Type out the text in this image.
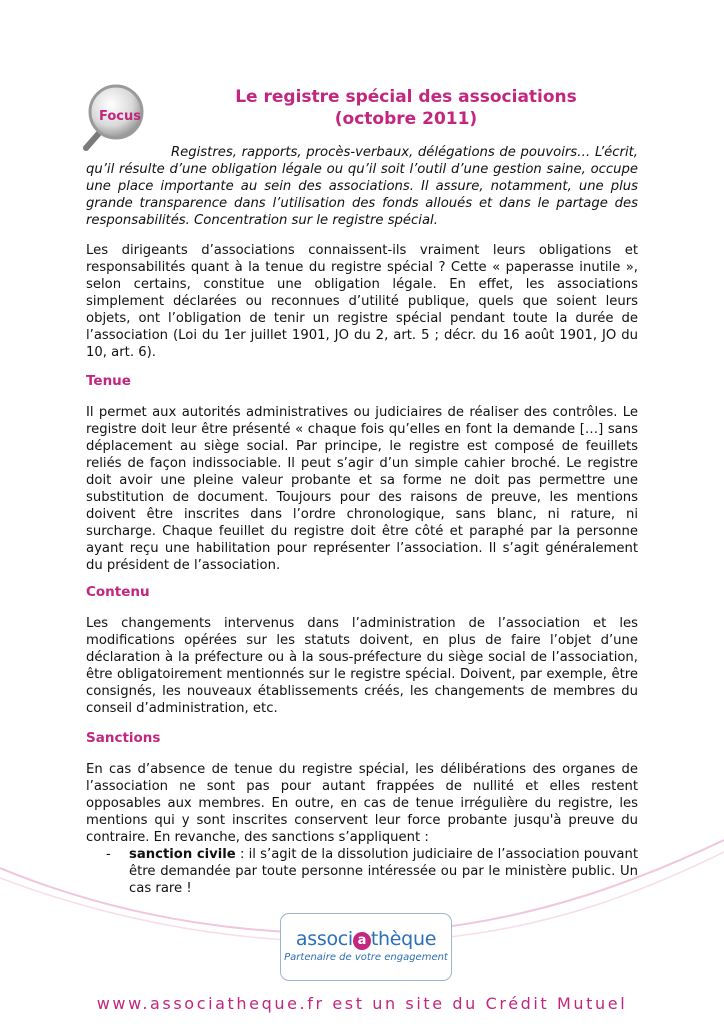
Focus
Le registre spécial des associations
(octobre 2011)

Registres, rapports, procès-verbaux, délégations de pouvoirs… L’écrit, qu’il résulte d’une obligation légale ou qu’il soit l’outil d’une gestion saine, occupe une place importante au sein des associations. Il assure, notamment, une plus grande transparence dans l’utilisation des fonds alloués et dans le partage des responsabilités. Concentration sur le registre spécial.

Les dirigeants d’associations connaissent-ils vraiment leurs obligations et responsabilités quant à la tenue du registre spécial ? Cette « paperasse inutile », selon certains, constitue une obligation légale. En effet, les associations simplement déclarées ou reconnues d’utilité publique, quels que soient leurs objets, ont l’obligation de tenir un registre spécial pendant toute la durée de l’association (Loi du 1er juillet 1901, JO du 2, art. 5 ; décr. du 16 août 1901, JO du 10, art. 6).

Tenue

Il permet aux autorités administratives ou judiciaires de réaliser des contrôles. Le registre doit leur être présenté « chaque fois qu’elles en font la demande […] sans déplacement au siège social. Par principe, le registre est composé de feuillets reliés de façon indissociable. Il peut s’agir d’un simple cahier broché. Le registre doit avoir une pleine valeur probante et sa forme ne doit pas permettre une substitution de document. Toujours pour des raisons de preuve, les mentions doivent être inscrites dans l’ordre chronologique, sans blanc, ni rature, ni surcharge. Chaque feuillet du registre doit être côté et paraphé par la personne ayant reçu une habilitation pour représenter l’association. Il s’agit généralement du président de l’association.

Contenu

Les changements intervenus dans l’administration de l’association et les modifications opérées sur les statuts doivent, en plus de faire l’objet d’une déclaration à la préfecture ou à la sous-préfecture du siège social de l’association, être obligatoirement mentionnés sur le registre spécial. Doivent, par exemple, être consignés, les nouveaux établissements créés, les changements de membres du conseil d’administration, etc.

Sanctions

En cas d’absence de tenue du registre spécial, les délibérations des organes de l’association ne sont pas pour autant frappées de nullité et elles restent opposables aux membres. En outre, en cas de tenue irrégulière du registre, les mentions qui y sont inscrites conservent leur force probante jusqu'à preuve du contraire. En revanche, des sanctions s’appliquent :

- sanction civile : il s’agit de la dissolution judiciaire de l’association pouvant être demandée par toute personne intéressée ou par le ministère public. Un cas rare !
associ a thèque
Partenaire de votre engagement
www.associatheque.fr est un site du Crédit Mutuel
